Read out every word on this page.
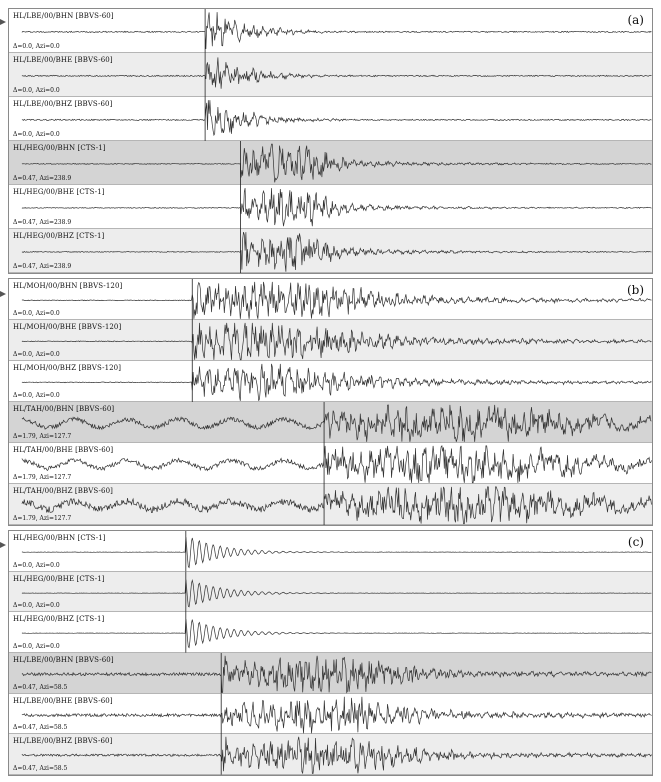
HL/HEG/00/BHZ [CTS-1]
Δ=0.47, Azi=238.9
HL/HEG/00/BHE [CTS-1]
Δ=0.47, Azi=238.9
HL/HEG/00/BHN [CTS-1]
Δ=0.47, Azi=238.9
HL/LBE/00/BHZ [BBVS-60]
Δ=0.0, Azi=0.0
HL/LBE/00/BHE [BBVS-60]
Δ=0.0, Azi=0.0
HL/LBE/00/BHN [BBVS-60]
Δ=0.0, Azi=0.0
(a)
HL/TAH/00/BHZ [BBVS-60]
Δ=1.79, Azi=127.7
HL/TAH/00/BHE [BBVS-60]
Δ=1.79, Azi=127.7
HL/TAH/00/BHN [BBVS-60]
Δ=1.79, Azi=127.7
HL/MOH/00/BHZ [BBVS-120]
Δ=0.0, Azi=0.0
HL/MOH/00/BHE [BBVS-120]
Δ=0.0, Azi=0.0
HL/MOH/00/BHN [BBVS-120]
Δ=0.0, Azi=0.0
(b)
HL/LBE/00/BHZ [BBVS-60]
Δ=0.47, Azi=58.5
HL/LBE/00/BHE [BBVS-60]
Δ=0.47, Azi=58.5
HL/LBE/00/BHN [BBVS-60]
Δ=0.47, Azi=58.5
HL/HEG/00/BHZ [CTS-1]
Δ=0.0, Azi=0.0
HL/HEG/00/BHE [CTS-1]
Δ=0.0, Azi=0.0
HL/HEG/00/BHN [CTS-1]
Δ=0.0, Azi=0.0
(c)
